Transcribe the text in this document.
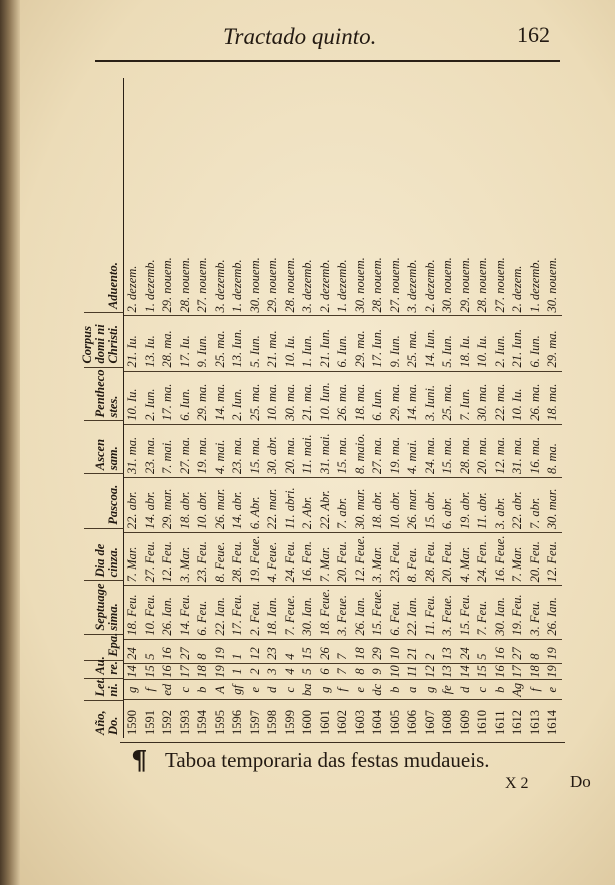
Tractado quinto.	162
Año, Do.
Let. ni.
Au. re.
Epa.
Septuage sima.
Dia de cinza.
Pascoa.
Ascen sam.
Pentheco stes.
Corpus domi ni Christi.
Aduento.
1590
g
14
24
18. Feu.
7. Mar.
22. abr.
31. ma.
10. Iu.
21. Iu.
2. dezem.
1591
f
15
5
10. Feu.
27. Feu.
14. abr.
23. ma.
2. Iun.
13. Iu.
1. dezemb.
1592
ed
16
16
26. Ian.
12. Feu.
29. mar.
7. mai.
17. ma.
28. ma.
29. nouem.
1593
c
17
27
14. Feu.
3. Mar.
18. abr.
27. ma.
6. Iun.
17. Iu.
28. nouem.
1594
b
18
8
6. Feu.
23. Feu.
10. abr.
19. ma.
29. ma.
9. Iun.
27. nouem.
1595
A
19
19
22. Ian.
8. Feue.
26. mar.
4. mai.
14. ma.
25. ma.
3. dezemb.
1596
gf
1
1
17. Feu.
28. Feu.
14. abr.
23. ma.
2. Iun.
13. Iun.
1. dezemb.
1597
e
2
12
2. Feu.
19. Feue.
6. Abr.
15. ma.
25. ma.
5. Iun.
30. nouem.
1598
d
3
23
18. Ian.
4. Feue.
22. mar.
30. abr.
10. ma.
21. ma.
29. nouem.
1599
c
4
4
7. Feue.
24. Feu.
11. abri.
20. ma.
30. ma.
10. Iu.
28. nouem.
1600
ba
5
15
30. Ian.
16. Fen.
2. Abr.
11. mai.
21. ma.
1. Iun.
3. dezemb.
1601
g
6
26
18. Feue.
7. Mar.
22. Abr.
31. mai.
10. Iun.
21. Iun.
2. dezemb.
1602
f
7
7
3. Feue.
20. Feu.
7. abr.
15. ma.
26. ma.
6. Iun.
1. dezemb.
1603
e
8
18
26. Ian.
12. Feue.
30. mar.
8. maio.
18. ma.
29. ma.
30. nouem.
1604
dc
9
29
15. Feue.
3. Mar.
18. abr.
27. ma.
6. Iun.
17. Iun.
28. nouem.
1605
b
10
10
6. Feu.
23. Feu.
10. abr.
19. ma.
29. ma.
9. Iun.
27. nouem.
1606
a
11
21
22. Ian.
8. Feu.
26. mar.
4. mai.
14. ma.
25. ma.
3. dezemb.
1607
g
12
2
11. Feu.
28. Feu.
15. abr.
24. ma.
3. Iuni.
14. Iun.
2. dezemb.
1608
fe
13
13
3. Feue.
20. Feu.
6. abr.
15. ma.
25. ma.
5. Iun.
30. nouem.
1609
d
14
24
15. Feu.
4. Mar.
19. abr.
28. ma.
7. Iun.
18. Iu.
29. nouem.
1610
c
15
5
7. Feu.
24. Fen.
11. abr.
20. ma.
30. ma.
10. Iu.
28. nouem.
1611
b
16
16
30. Ian.
16. Feue.
3. abr.
12. ma.
22. ma.
2. Iun.
27. nouem.
1612
Ag
17
27
19. Feu.
7. Mar.
22. abr.
31. ma.
10. Iu.
21. Iun.
2. dezem.
1613
f
18
8
3. Feu.
20. Feu.
7. abr.
16. ma.
26. ma.
6. Iun.
1. dezemb.
1614
e
19
19
26. Ian.
12. Feu.
30. mar.
8. ma.
18. ma.
29. ma.
30. nouem.
¶ Taboa temporaria das festas mudaueis.
X 2 Do
